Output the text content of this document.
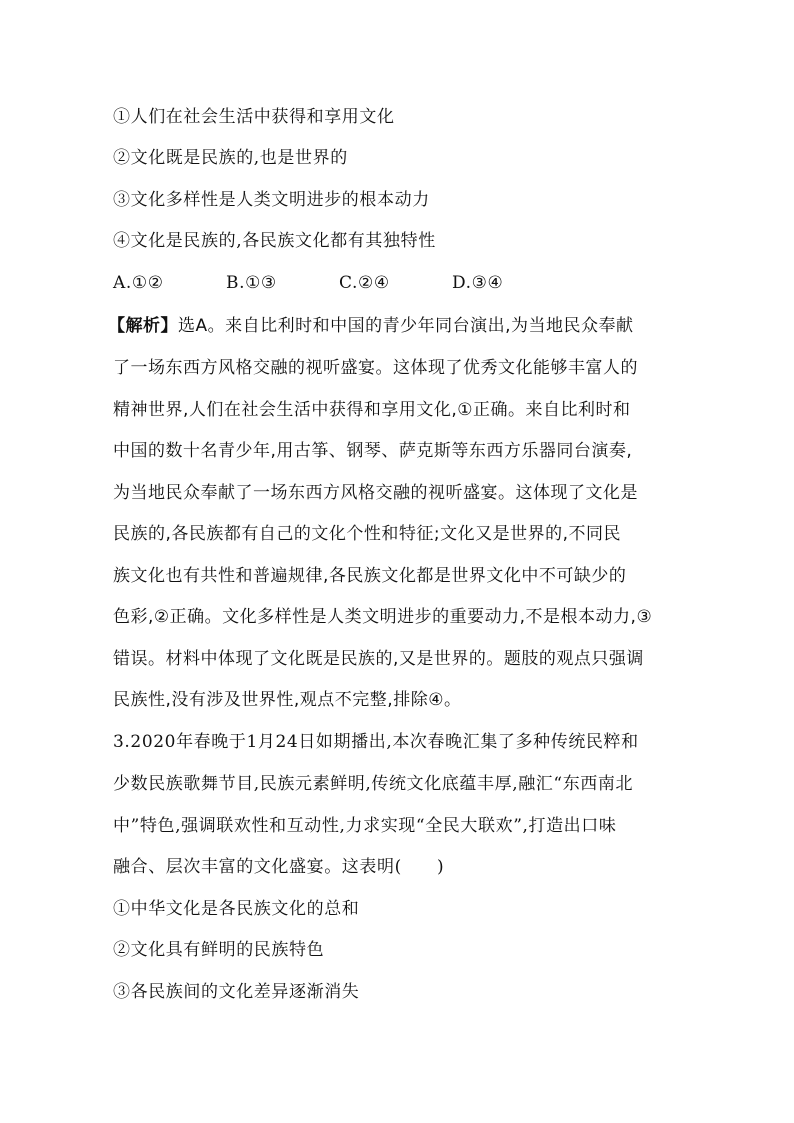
①人们在社会生活中获得和享用文化
②文化既是民族的,也是世界的
③文化多样性是人类文明进步的根本动力
④文化是民族的,各民族文化都有其独特性
A.①②	B.①③	C.②④	D.③④
【解析】选A。来自比利时和中国的青少年同台演出,为当地民众奉献
了一场东西方风格交融的视听盛宴。这体现了优秀文化能够丰富人的
精神世界,人们在社会生活中获得和享用文化,①正确。来自比利时和
中国的数十名青少年,用古筝、钢琴、萨克斯等东西方乐器同台演奏,
为当地民众奉献了一场东西方风格交融的视听盛宴。这体现了文化是
民族的,各民族都有自己的文化个性和特征;文化又是世界的,不同民
族文化也有共性和普遍规律,各民族文化都是世界文化中不可缺少的
色彩,②正确。文化多样性是人类文明进步的重要动力,不是根本动力,③
错误。材料中体现了文化既是民族的,又是世界的。题肢的观点只强调
民族性,没有涉及世界性,观点不完整,排除④。
3.2020年春晚于1月24日如期播出,本次春晚汇集了多种传统民粹和
少数民族歌舞节目,民族元素鲜明,传统文化底蕴丰厚,融汇“东西南北
中”特色,强调联欢性和互动性,力求实现“全民大联欢”,打造出口味
融合、层次丰富的文化盛宴。这表明(　　)
①中华文化是各民族文化的总和
②文化具有鲜明的民族特色
③各民族间的文化差异逐渐消失
